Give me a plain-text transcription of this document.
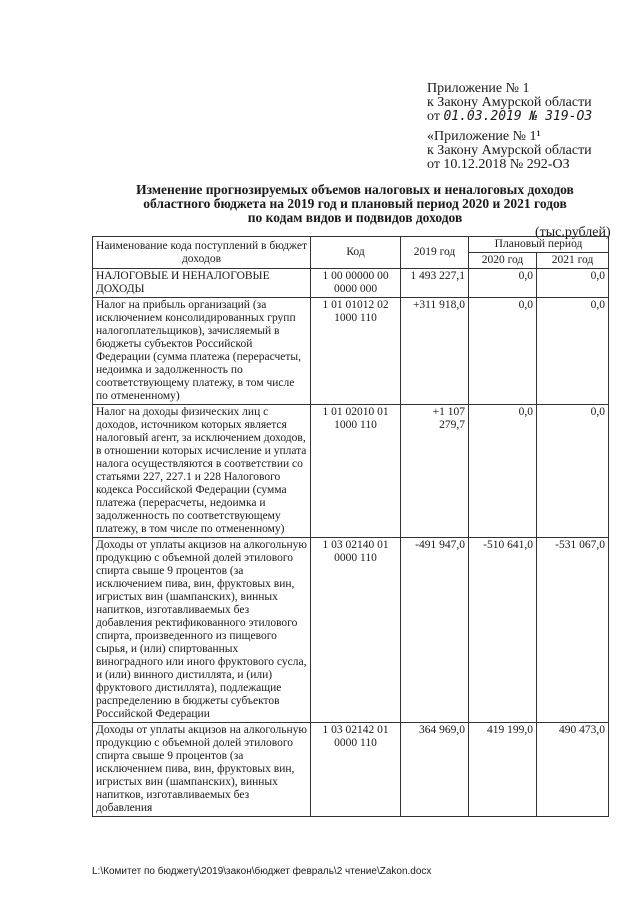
Приложение № 1
к Закону Амурской области
от 01.03.2019 № 319-ОЗ
«Приложение № 1¹
к Закону Амурской области
от 10.12.2018 № 292-ОЗ
Изменение прогнозируемых объемов налоговых и неналоговых доходов
областного бюджета на 2019 год и плановый период 2020 и 2021 годов
по кодам видов и подвидов доходов
(тыс.рублей)
Наименование кода поступлений в бюджет доходов	Код	2019 год	Плановый период	
			2020 год	2021 год
НАЛОГОВЫЕ И НЕНАЛОГОВЫЕ ДОХОДЫ	1 00 00000 00 0000 000	1 493 227,1	0,0	0,0
Налог на прибыль организаций (за исключением консолидированных групп налогоплательщиков), зачисляемый в бюджеты субъектов Российской Федерации (сумма платежа (перерасчеты, недоимка и задолженность по соответствующему платежу, в том числе по отмененному)	1 01 01012 02 1000 110	+311 918,0	0,0	0,0
Налог на доходы физических лиц с доходов, источником которых является налоговый агент, за исключением доходов, в отношении которых исчисление и уплата налога осуществляются в соответствии со статьями 227, 227.1 и 228 Налогового кодекса Российской Федерации (сумма платежа (перерасчеты, недоимка и задолженность по соответствующему платежу, в том числе по отмененному)	1 01 02010 01 1000 110	+1 107 279,7	0,0	0,0
Доходы от уплаты акцизов на алкогольную продукцию с объемной долей этилового спирта свыше 9 процентов (за исключением пива, вин, фруктовых вин, игристых вин (шампанских), винных напитков, изготавливаемых без добавления ректификованного этилового спирта, произведенного из пищевого сырья, и (или) спиртованных виноградного или иного фруктового сусла, и (или) винного дистиллята, и (или) фруктового дистиллята), подлежащие распределению в бюджеты субъектов Российской Федерации	1 03 02140 01 0000 110	-491 947,0	-510 641,0	-531 067,0
Доходы от уплаты акцизов на алкогольную продукцию с объемной долей этилового спирта свыше 9 процентов (за исключением пива, вин, фруктовых вин, игристых вин (шампанских), винных напитков, изготавливаемых без добавления	1 03 02142 01 0000 110	364 969,0	419 199,0	490 473,0
L:\Комитет по бюджету\2019\закон\бюджет февраль\2 чтение\Zakon.docx
